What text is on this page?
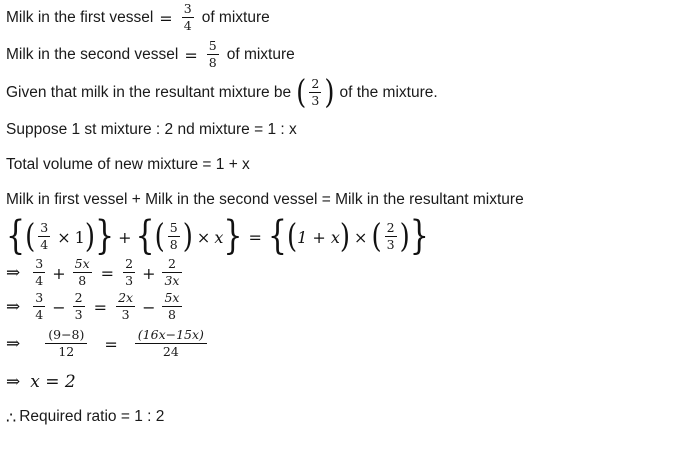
Milk in the first vessel = $\frac{3}{4}$ of mixture
Milk in the second vessel = $\frac{5}{8}$ of mixture
Given that milk in the resultant mixture be ( $\frac{2}{3}$ ) of the mixture.
Suppose 1 st mixture : 2 nd mixture = 1 : x
Total volume of new mixture = 1 + x
Milk in first vessel + Milk in the second vessel = Milk in the resultant mixture
{ ( $\frac{3}{4} \times 1$ ) } + { ( $\frac{5}{8}$ ) × x } = { ( 1 + x ) × ( $\frac{2}{3}$ ) }
⇒ $\frac{3}{4} + \frac{5x}{8} = \frac{2}{3} + \frac{2}{3x}$
⇒ $\frac{3}{4} - \frac{2}{3} = \frac{2x}{3} - \frac{5x}{8}$
⇒ $\frac{(9-8)}{12}$	=	$\frac{(16x-15x)}{24}$
⇒ x = 2
∴ Required ratio = 1 : 2
